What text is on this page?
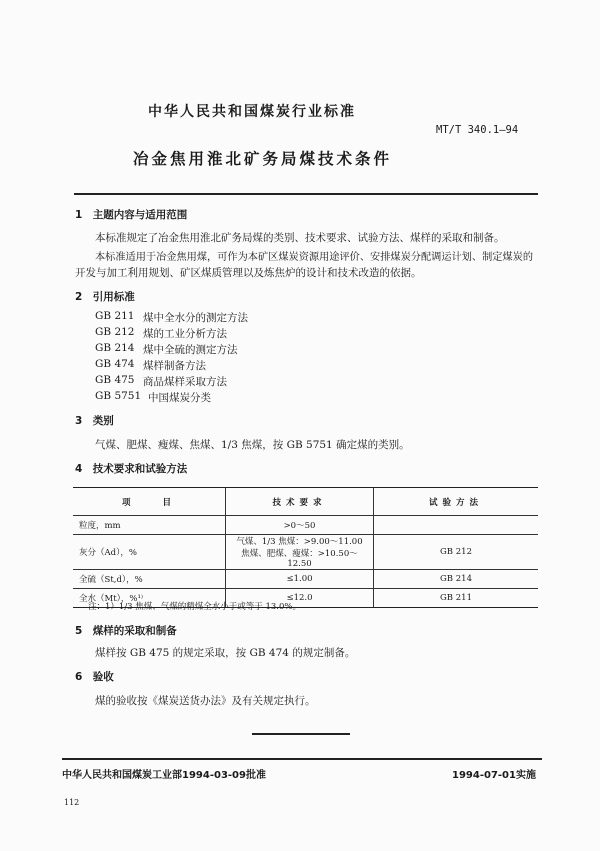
中华人民共和国煤炭行业标准
MT/T 340.1—94
冶金焦用淮北矿务局煤技术条件
1　主题内容与适用范围
本标准规定了冶金焦用淮北矿务局煤的类别、技术要求、试验方法、煤样的采取和制备。
本标准适用于冶金焦用煤，可作为本矿区煤炭资源用途评价、安排煤炭分配调运计划、制定煤炭的
开发与加工利用规划、矿区煤质管理以及炼焦炉的设计和技术改造的依据。
2　引用标准
GB 211 煤中全水分的测定方法
GB 212 煤的工业分析方法
GB 214 煤中全硫的测定方法
GB 474 煤样制备方法
GB 475 商品煤样采取方法
GB 5751 中国煤炭分类
3　类别
气煤、肥煤、瘦煤、焦煤、1/3 焦煤，按 GB 5751 确定煤的类别。
4　技术要求和试验方法
项　　目	技术要求	试验方法
粒度，mm	>0～50	
灰分（Ad），%	气煤、1/3 焦煤：>9.00～11.00
焦煤、肥煤、瘦煤：>10.50～12.50	GB 212
全硫（St,d），%	≤1.00	GB 214
全水（Mt），%¹⁾	≤12.0	GB 211
注：1）1/3 焦煤、气煤的精煤全水小于或等于 13.0%。
5　煤样的采取和制备
煤样按 GB 475 的规定采取，按 GB 474 的规定制备。
6　验收
煤的验收按《煤炭送货办法》及有关规定执行。
中华人民共和国煤炭工业部1994-03-09批准	1994-07-01实施
112
